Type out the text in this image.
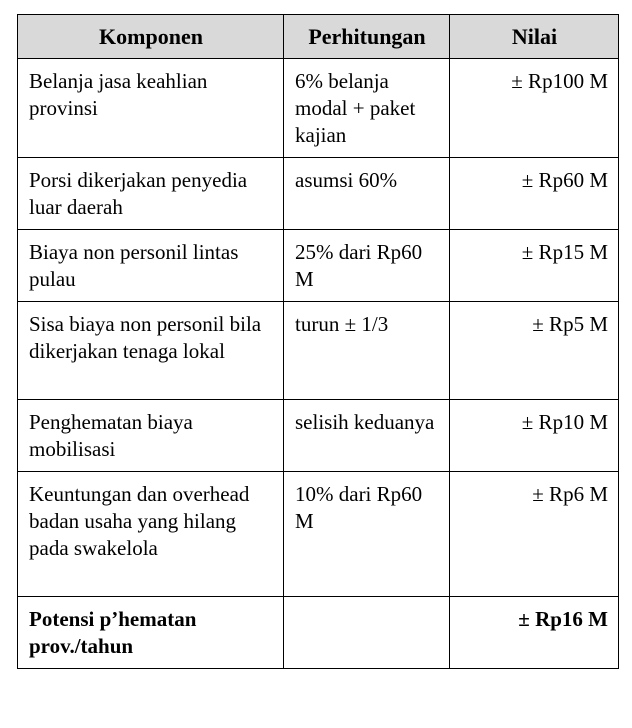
Komponen	Perhitungan	Nilai
Belanja jasa keahlian provinsi	6% belanja modal + paket kajian	± Rp100 M
Porsi dikerjakan penyedia luar daerah	asumsi 60%	± Rp60 M
Biaya non personil lintas pulau	25% dari Rp60 M	± Rp15 M
Sisa biaya non personil bila dikerjakan tenaga lokal	turun ± 1/3	± Rp5 M
Penghematan biaya mobilisasi	selisih keduanya	± Rp10 M
Keuntungan dan overhead badan usaha yang hilang pada swakelola	10% dari Rp60 M	± Rp6 M
Potensi p’hematan prov./tahun		± Rp16 M
